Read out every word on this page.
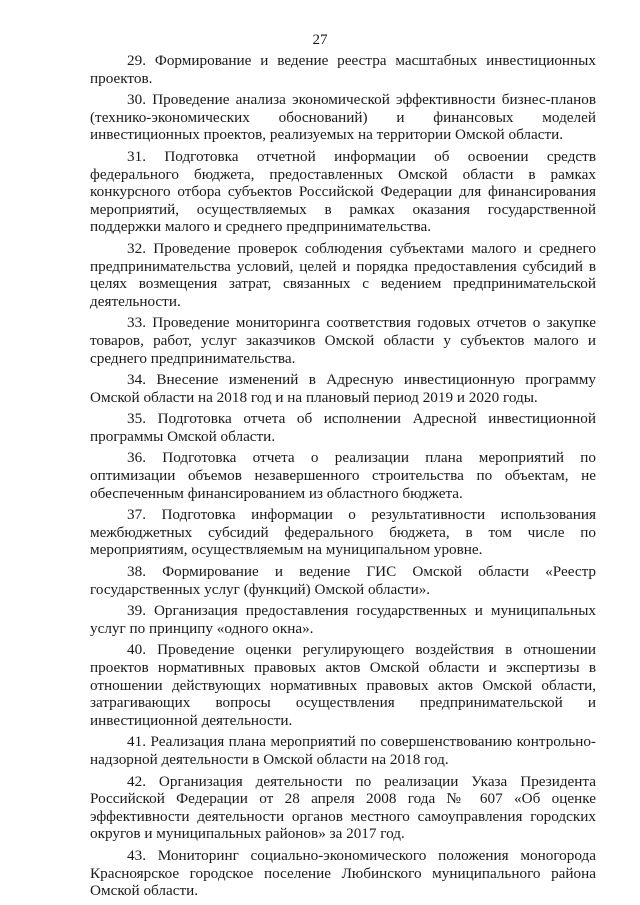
27

29. Формирование и ведение реестра масштабных инвестиционных проектов.

30. Проведение анализа экономической эффективности бизнес-планов (технико-экономических обоснований) и финансовых моделей инвестиционных проектов, реализуемых на территории Омской области.

31. Подготовка отчетной информации об освоении средств федерального бюджета, предоставленных Омской области в рамках конкурсного отбора субъектов Российской Федерации для финансирования мероприятий, осуществляемых в рамках оказания государственной поддержки малого и среднего предпринимательства.

32. Проведение проверок соблюдения субъектами малого и среднего предпринимательства условий, целей и порядка предоставления субсидий в целях возмещения затрат, связанных с ведением предпринимательской деятельности.

33. Проведение мониторинга соответствия годовых отчетов о закупке товаров, работ, услуг заказчиков Омской области у субъектов малого и среднего предпринимательства.

34. Внесение изменений в Адресную инвестиционную программу Омской области на 2018 год и на плановый период 2019 и 2020 годы.

35. Подготовка отчета об исполнении Адресной инвестиционной программы Омской области.

36. Подготовка отчета о реализации плана мероприятий по оптимизации объемов незавершенного строительства по объектам, не обеспеченным финансированием из областного бюджета.

37. Подготовка информации о результативности использования межбюджетных субсидий федерального бюджета, в том числе по мероприятиям, осуществляемым на муниципальном уровне.

38. Формирование и ведение ГИС Омской области «Реестр государственных услуг (функций) Омской области».

39. Организация предоставления государственных и муниципальных услуг по принципу «одного окна».

40. Проведение оценки регулирующего воздействия в отношении проектов нормативных правовых актов Омской области и экспертизы в отношении действующих нормативных правовых актов Омской области, затрагивающих вопросы осуществления предпринимательской и инвестиционной деятельности.

41. Реализация плана мероприятий по совершенствованию контрольно-надзорной деятельности в Омской области на 2018 год.

42. Организация деятельности по реализации Указа Президента Российской Федерации от 28 апреля 2008 года № 607 «Об оценке эффективности деятельности органов местного самоуправления городских округов и муниципальных районов» за 2017 год.

43. Мониторинг социально-экономического положения моногорода Красноярское городское поселение Любинского муниципального района Омской области.
